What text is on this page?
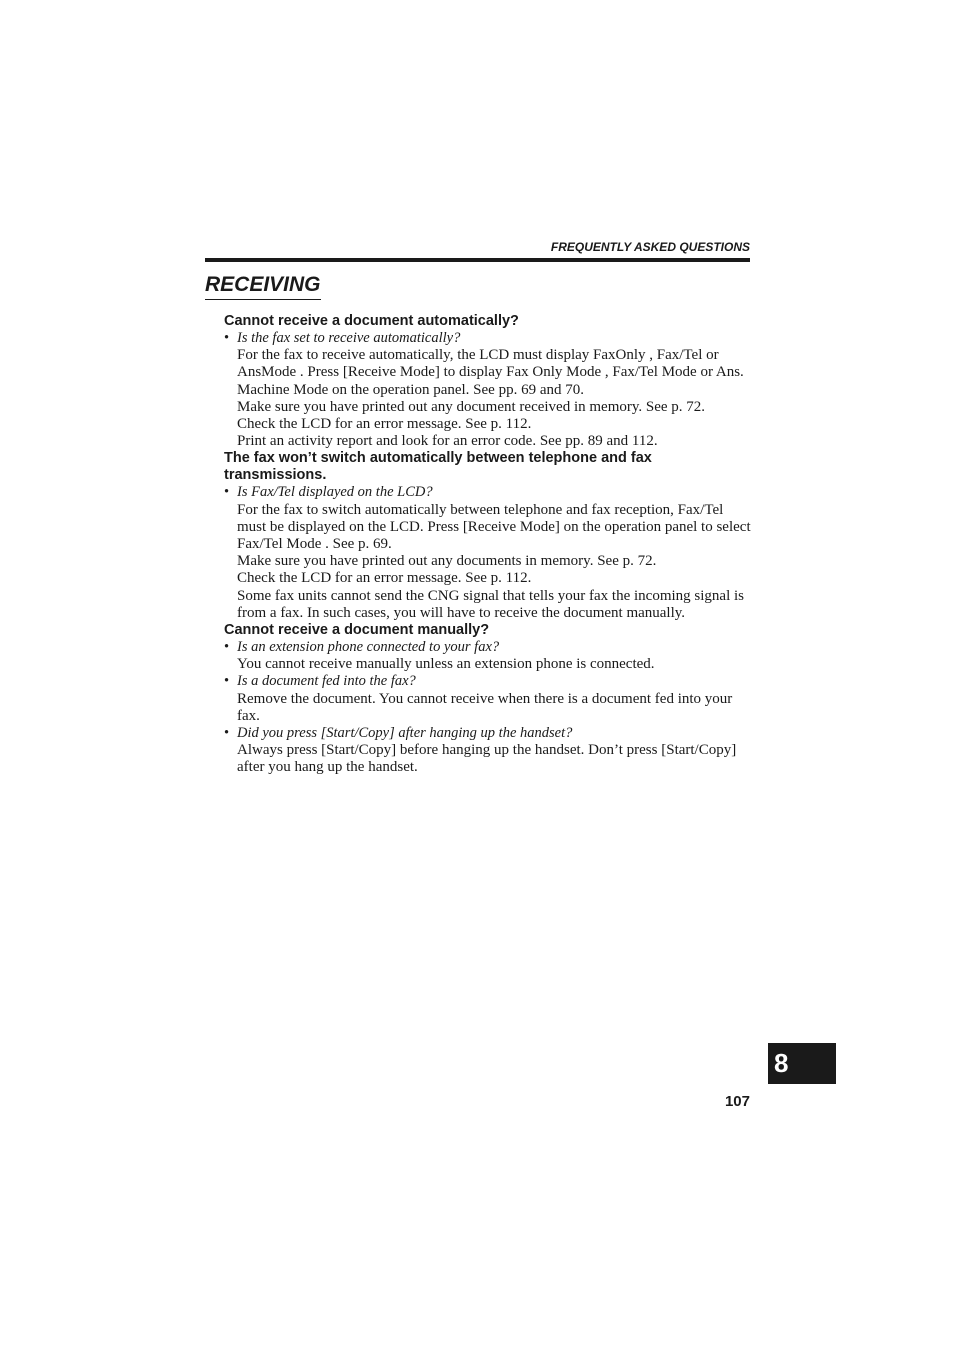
FREQUENTLY ASKED QUESTIONS
RECEIVING

Cannot receive a document automatically?

• Is the fax set to receive automatically?
For the fax to receive automatically, the LCD must display FaxOnly , Fax/Tel or AnsMode . Press [Receive Mode] to display Fax Only Mode , Fax/Tel Mode or Ans. Machine Mode on the operation panel. See pp. 69 and 70.
Make sure you have printed out any document received in memory. See p. 72.
Check the LCD for an error message. See p. 112.
Print an activity report and look for an error code. See pp. 89 and 112.

The fax won’t switch automatically between telephone and fax transmissions.

• Is Fax/Tel displayed on the LCD?
For the fax to switch automatically between telephone and fax reception, Fax/Tel must be displayed on the LCD. Press [Receive Mode] on the operation panel to select Fax/Tel Mode . See p. 69.
Make sure you have printed out any documents in memory. See p. 72.
Check the LCD for an error message. See p. 112.
Some fax units cannot send the CNG signal that tells your fax the incoming signal is from a fax. In such cases, you will have to receive the document manually.

Cannot receive a document manually?

• Is an extension phone connected to your fax?
You cannot receive manually unless an extension phone is connected.
• Is a document fed into the fax?
Remove the document. You cannot receive when there is a document fed into your fax.
• Did you press [Start/Copy] after hanging up the handset?
Always press [Start/Copy] before hanging up the handset. Don’t press [Start/Copy] after you hang up the handset.
8
107
